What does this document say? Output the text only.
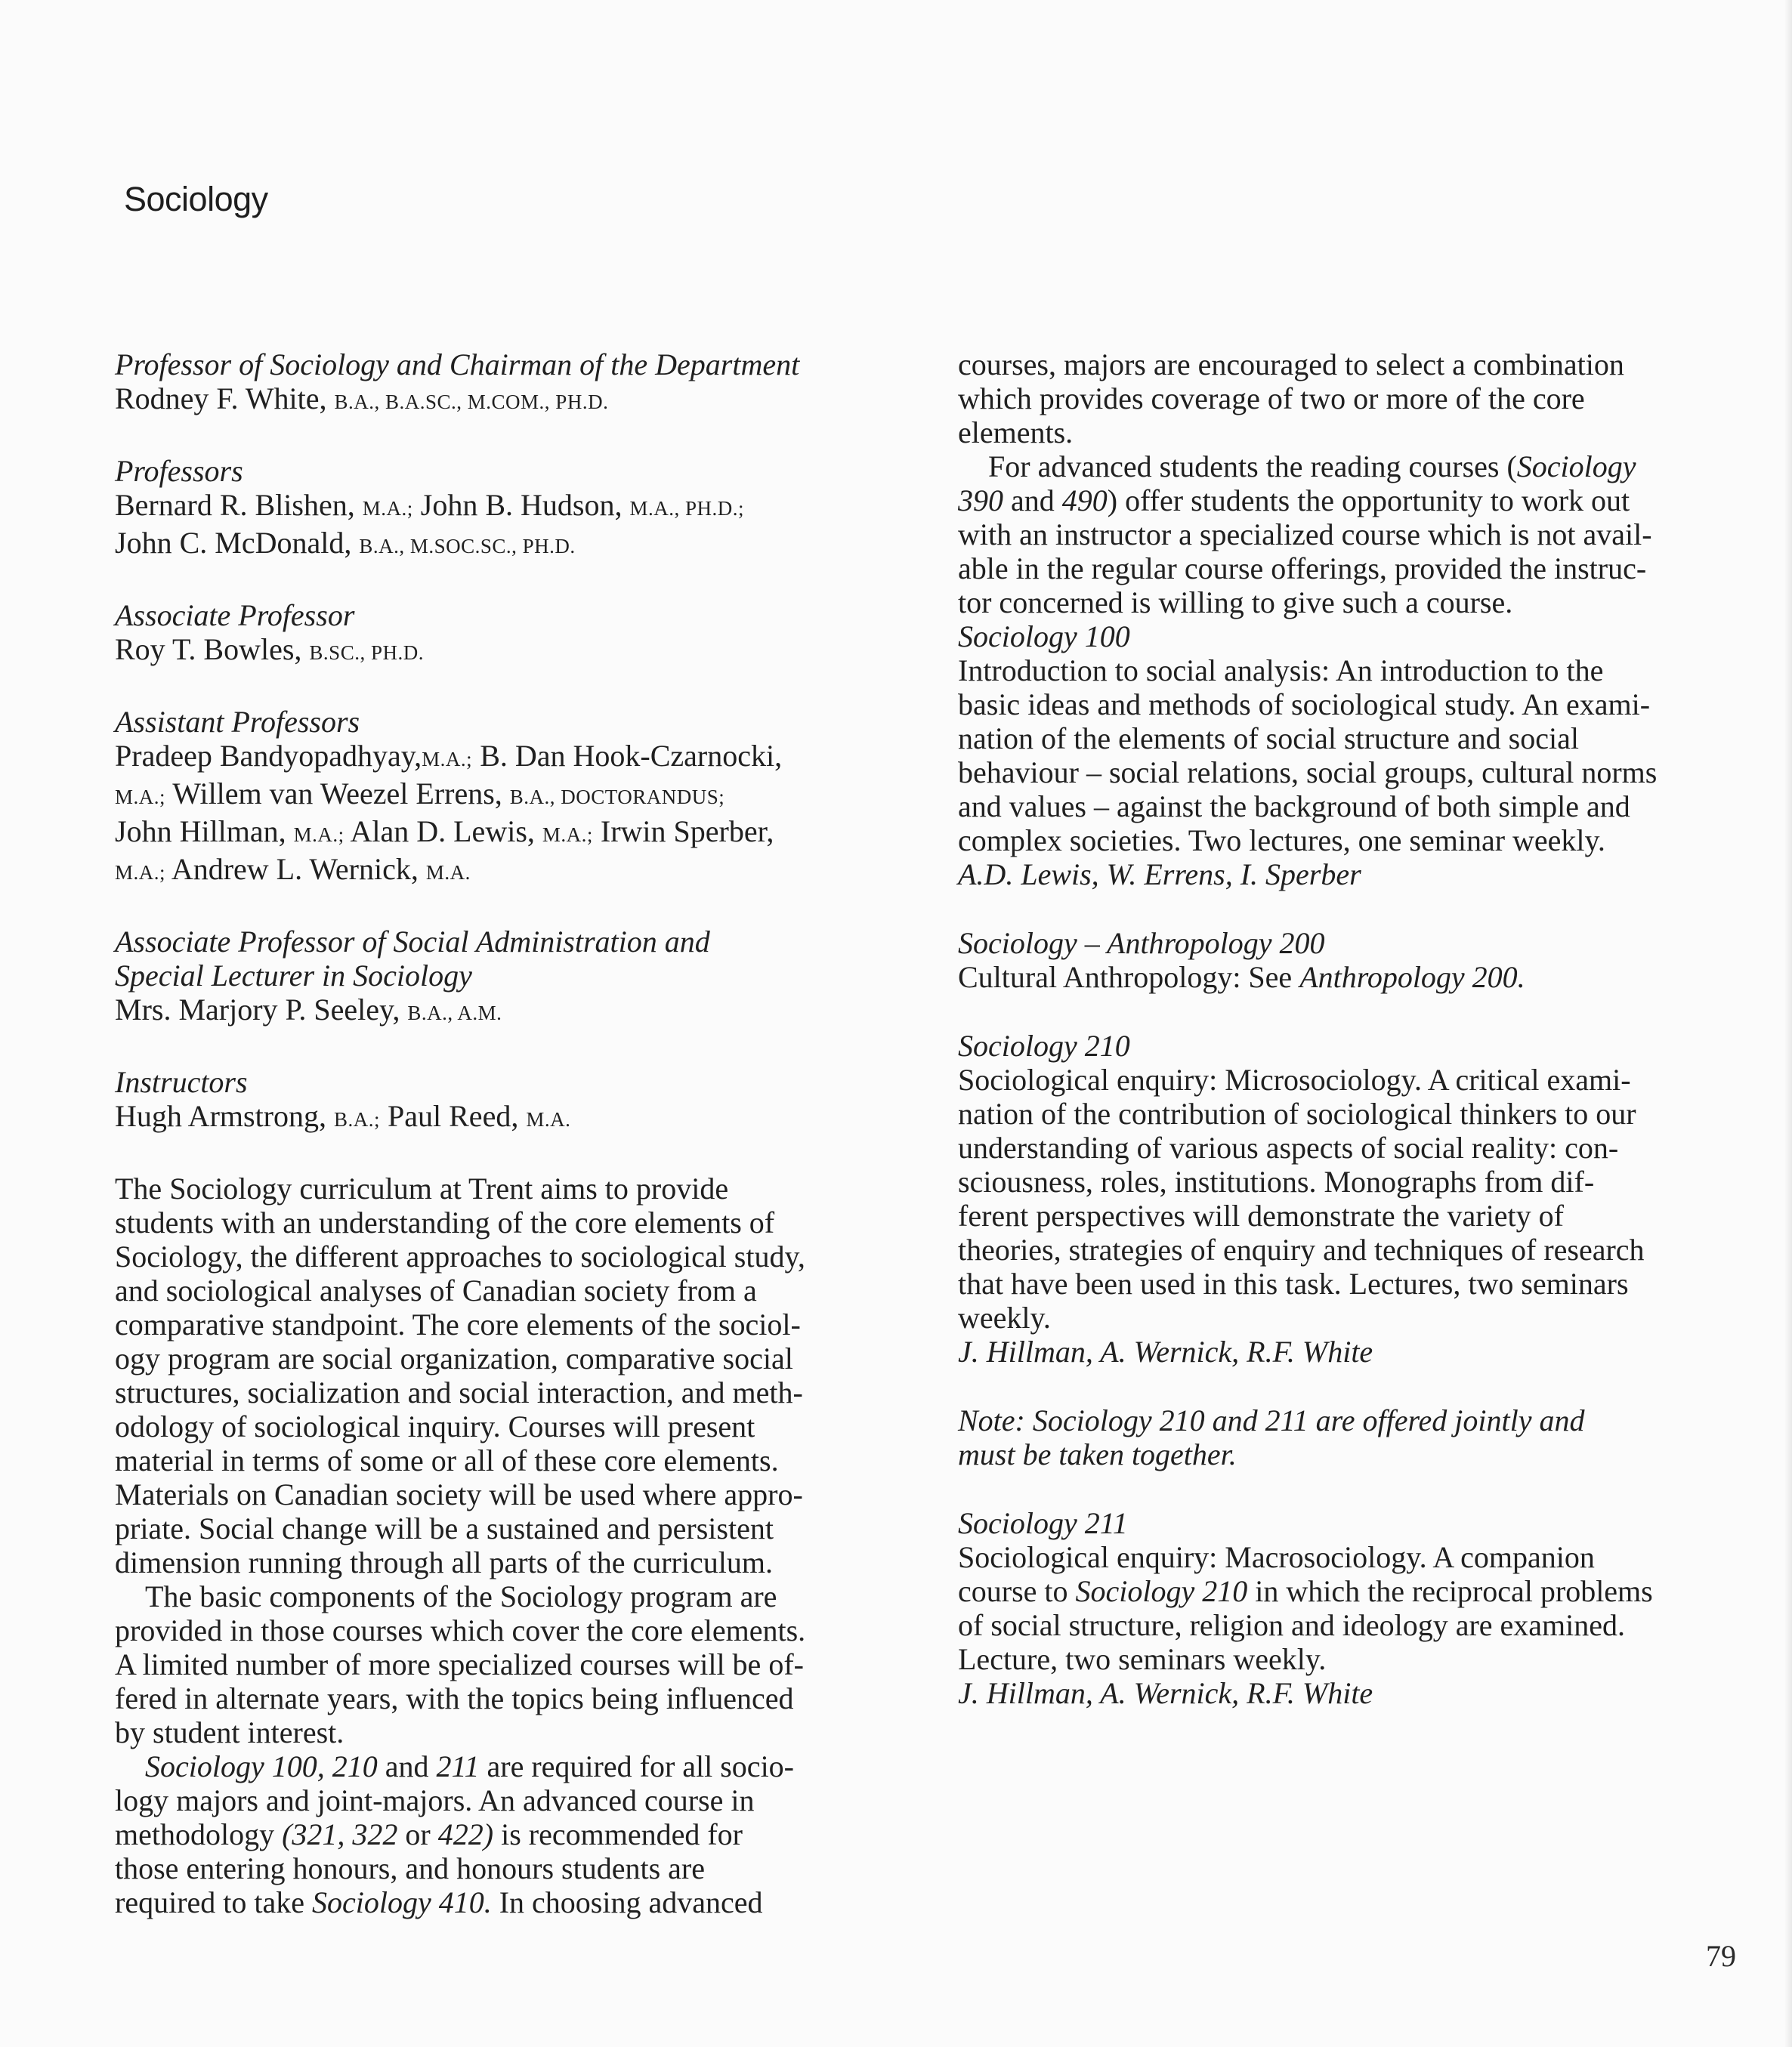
Sociology
Professor of Sociology and Chairman of the Department
Rodney F. White, B.A., B.A.SC., M.COM., PH.D.
Professors
Bernard R. Blishen, M.A.; John B. Hudson, M.A., PH.D.;
John C. McDonald, B.A., M.SOC.SC., PH.D.
Associate Professor
Roy T. Bowles, B.SC., PH.D.
Assistant Professors
Pradeep Bandyopadhyay,M.A.; B. Dan Hook-Czarnocki,
M.A.; Willem van Weezel Errens, B.A., DOCTORANDUS;
John Hillman, M.A.; Alan D. Lewis, M.A.; Irwin Sperber,
M.A.; Andrew L. Wernick, M.A.
Associate Professor of Social Administration and
Special Lecturer in Sociology
Mrs. Marjory P. Seeley, B.A., A.M.
Instructors
Hugh Armstrong, B.A.; Paul Reed, M.A.
The Sociology curriculum at Trent aims to provide
students with an understanding of the core elements of
Sociology, the different approaches to sociological study,
and sociological analyses of Canadian society from a
comparative standpoint. The core elements of the sociol-
ogy program are social organization, comparative social
structures, socialization and social interaction, and meth-
odology of sociological inquiry. Courses will present
material in terms of some or all of these core elements.
Materials on Canadian society will be used where appro-
priate. Social change will be a sustained and persistent
dimension running through all parts of the curriculum.
The basic components of the Sociology program are
provided in those courses which cover the core elements.
A limited number of more specialized courses will be of-
fered in alternate years, with the topics being influenced
by student interest.
Sociology 100, 210 and 211 are required for all socio-
logy majors and joint-majors. An advanced course in
methodology (321, 322 or 422) is recommended for
those entering honours, and honours students are
required to take Sociology 410. In choosing advanced
courses, majors are encouraged to select a combination
which provides coverage of two or more of the core
elements.
For advanced students the reading courses (Sociology
390 and 490) offer students the opportunity to work out
with an instructor a specialized course which is not avail-
able in the regular course offerings, provided the instruc-
tor concerned is willing to give such a course.
Sociology 100
Introduction to social analysis: An introduction to the
basic ideas and methods of sociological study. An exami-
nation of the elements of social structure and social
behaviour – social relations, social groups, cultural norms
and values – against the background of both simple and
complex societies. Two lectures, one seminar weekly.
A.D. Lewis, W. Errens, I. Sperber
Sociology – Anthropology 200
Cultural Anthropology: See Anthropology 200.
Sociology 210
Sociological enquiry: Microsociology. A critical exami-
nation of the contribution of sociological thinkers to our
understanding of various aspects of social reality: con-
sciousness, roles, institutions. Monographs from dif-
ferent perspectives will demonstrate the variety of
theories, strategies of enquiry and techniques of research
that have been used in this task. Lectures, two seminars
weekly.
J. Hillman, A. Wernick, R.F. White
Note: Sociology 210 and 211 are offered jointly and
must be taken together.
Sociology 211
Sociological enquiry: Macrosociology. A companion
course to Sociology 210 in which the reciprocal problems
of social structure, religion and ideology are examined.
Lecture, two seminars weekly.
J. Hillman, A. Wernick, R.F. White
79
